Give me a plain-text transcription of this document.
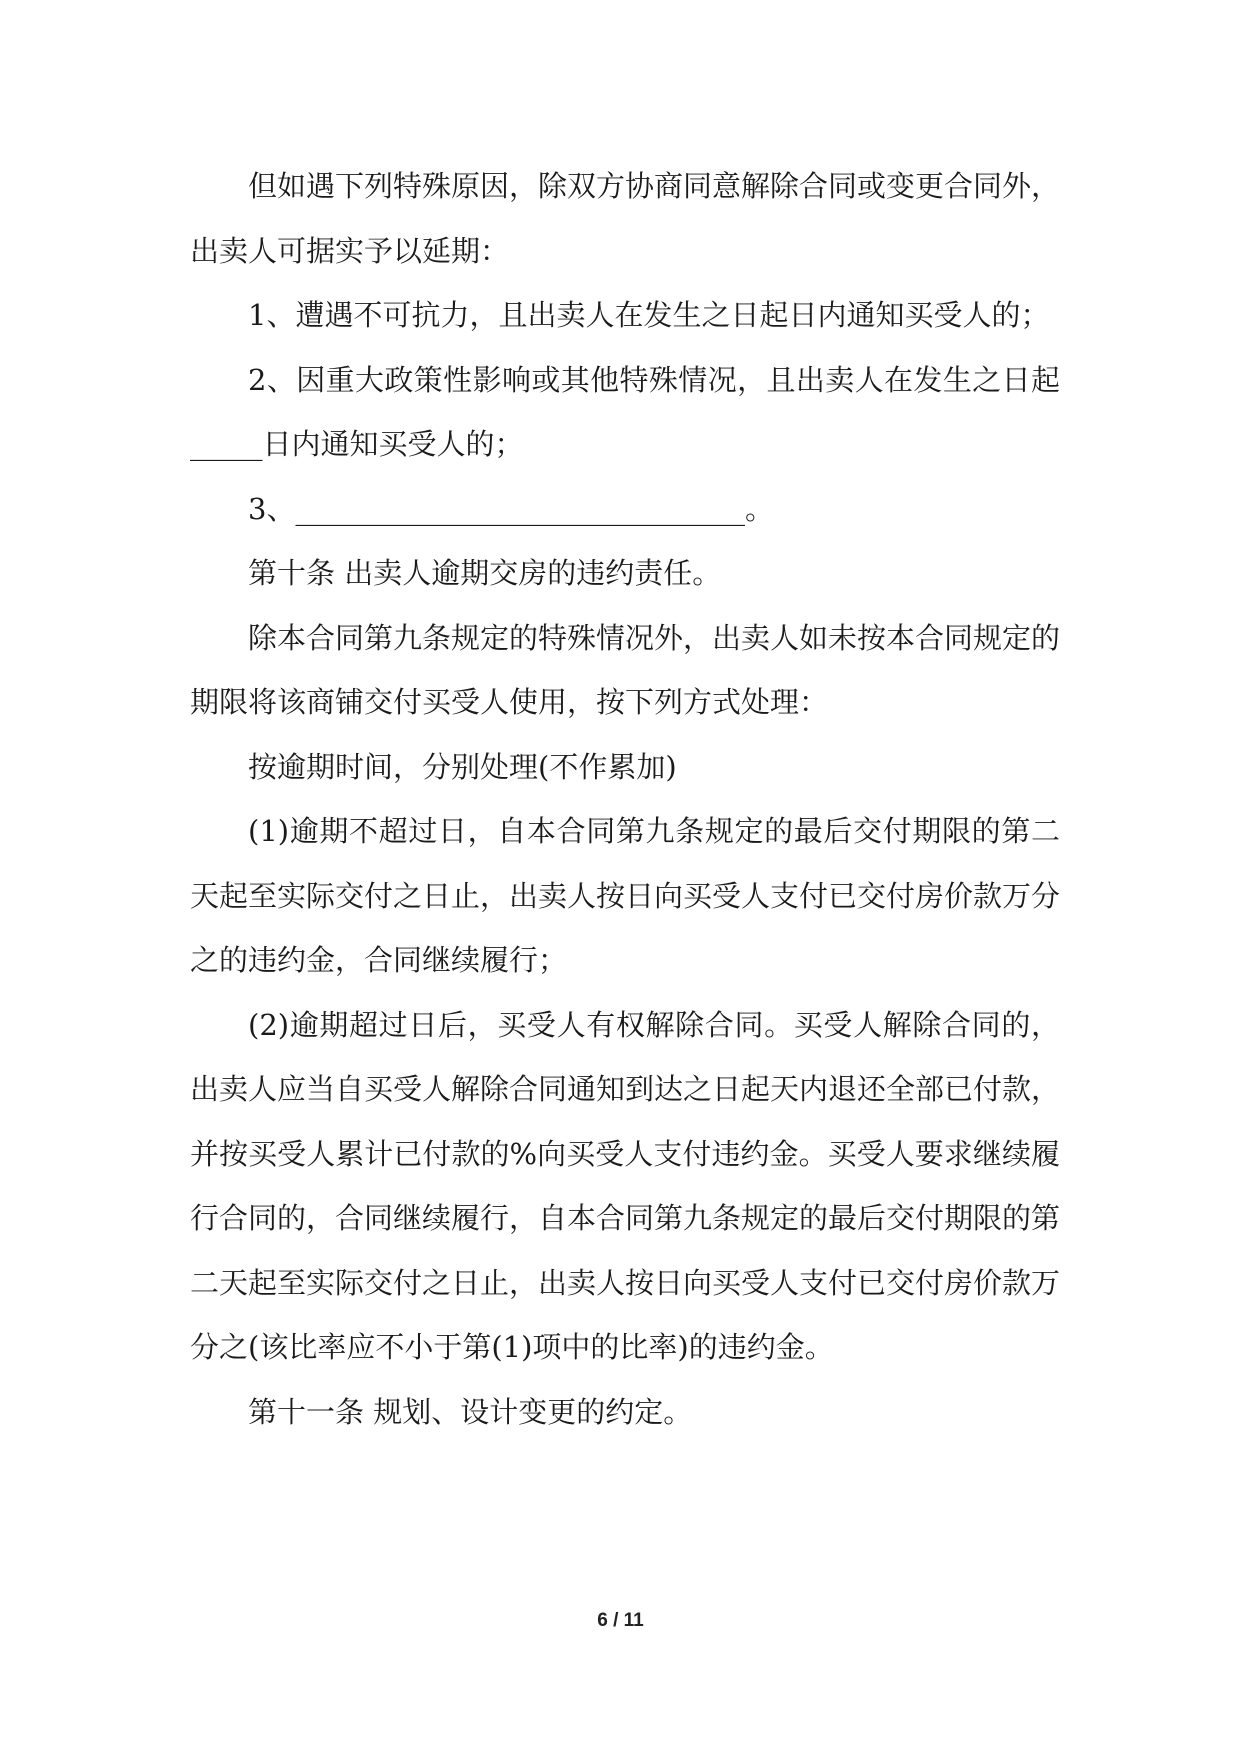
但如遇下列特殊原因，除双方协商同意解除合同或变更合同外，出卖人可据实予以延期：

1、遭遇不可抗力，且出卖人在发生之日起日内通知买受人的；

2、因重大政策性影响或其他特殊情况，且出卖人在发生之日起_____日内通知买受人的；

3、_______________________________。

第十条 出卖人逾期交房的违约责任。

除本合同第九条规定的特殊情况外，出卖人如未按本合同规定的期限将该商铺交付买受人使用，按下列方式处理：

按逾期时间，分别处理(不作累加)

(1)逾期不超过日，自本合同第九条规定的最后交付期限的第二天起至实际交付之日止，出卖人按日向买受人支付已交付房价款万分之的违约金，合同继续履行；

(2)逾期超过日后，买受人有权解除合同。买受人解除合同的，出卖人应当自买受人解除合同通知到达之日起天内退还全部已付款，并按买受人累计已付款的%向买受人支付违约金。买受人要求继续履行合同的，合同继续履行，自本合同第九条规定的最后交付期限的第二天起至实际交付之日止，出卖人按日向买受人支付已交付房价款万分之(该比率应不小于第(1)项中的比率)的违约金。

第十一条 规划、设计变更的约定。

6 / 11
